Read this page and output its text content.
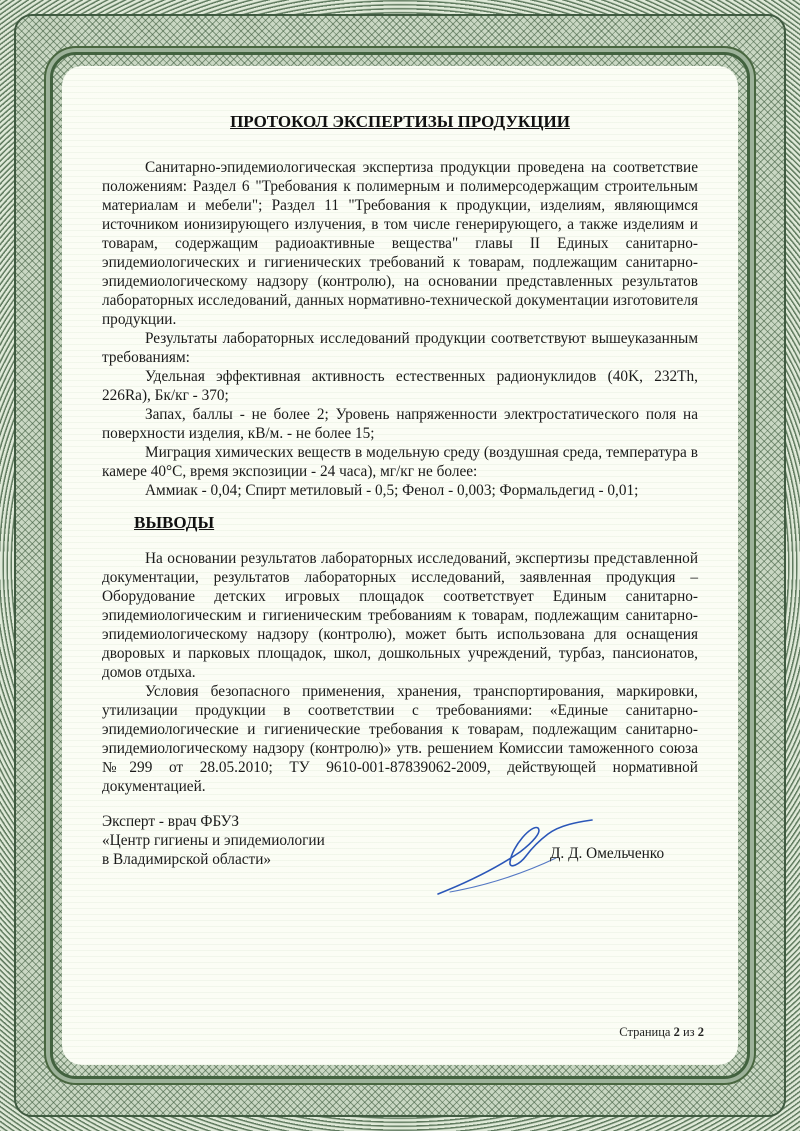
ПРОТОКОЛ ЭКСПЕРТИЗЫ ПРОДУКЦИИ

Санитарно-эпидемиологическая экспертиза продукции проведена на соответствие положениям: Раздел 6 "Требования к полимерным и полимерсодержащим строительным материалам и мебели"; Раздел 11 "Требования к продукции, изделиям, являющимся источником ионизирующего излучения, в том числе генерирующего, а также изделиям и товарам, содержащим радиоактивные вещества" главы II Единых санитарно-эпидемиологических и гигиенических требований к товарам, подлежащим санитарно-эпидемиологическому надзору (контролю), на основании представленных результатов лабораторных исследований, данных нормативно-технической документации изготовителя продукции.

Результаты лабораторных исследований продукции соответствуют вышеуказанным требованиям:

Удельная эффективная активность естественных радионуклидов (40K, 232Th, 226Ra), Бк/кг - 370;

Запах, баллы - не более 2; Уровень напряженности электростатического поля на поверхности изделия, кВ/м. - не более 15;

Миграция химических веществ в модельную среду (воздушная среда, температура в камере 40°С, время экспозиции - 24 часа), мг/кг не более:

Аммиак - 0,04; Спирт метиловый - 0,5; Фенол - 0,003; Формальдегид - 0,01;

ВЫВОДЫ

На основании результатов лабораторных исследований, экспертизы представленной документации, результатов лабораторных исследований, заявленная продукция – Оборудование детских игровых площадок соответствует Единым санитарно-эпидемиологическим и гигиеническим требованиям к товарам, подлежащим санитарно-эпидемиологическому надзору (контролю), может быть использована для оснащения дворовых и парковых площадок, школ, дошкольных учреждений, турбаз, пансионатов, домов отдыха.

Условия безопасного применения, хранения, транспортирования, маркировки, утилизации продукции в соответствии с требованиями: «Единые санитарно-эпидемиологические и гигиенические требования к товарам, подлежащим санитарно-эпидемиологическому надзору (контролю)» утв. решением Комиссии таможенного союза №299 от 28.05.2010; ТУ 9610-001-87839062-2009, действующей нормативной документацией.

Эксперт - врач ФБУЗ
«Центр гигиены и эпидемиологии
в Владимирской области»	Д. Д. Омельченко
Страница 2 из 2
